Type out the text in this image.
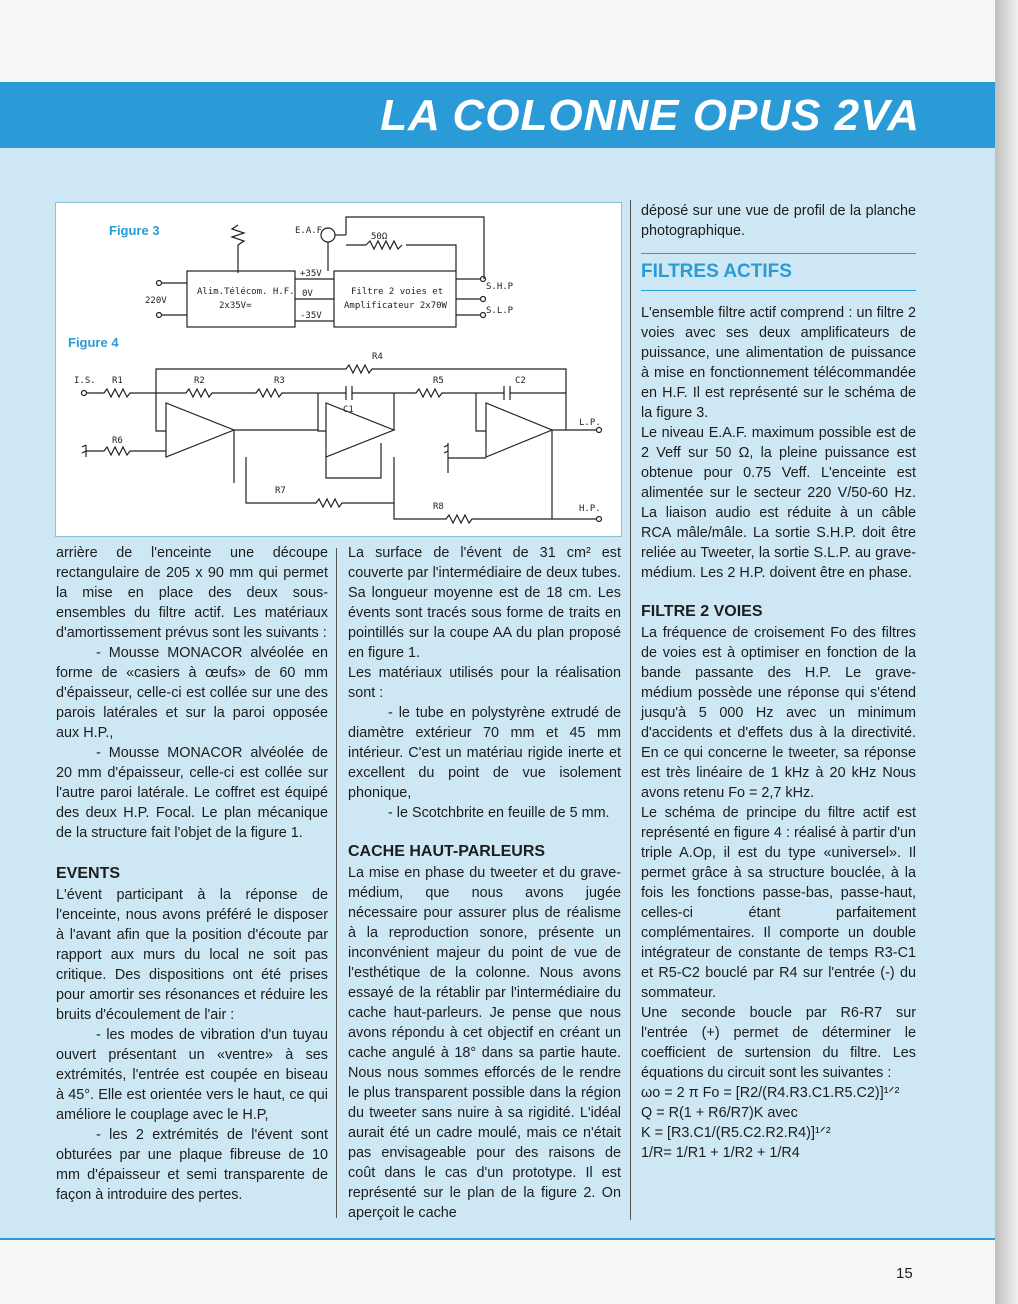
LA COLONNE OPUS 2VA
Figure 3
Figure 4
E.A.F
50Ω
220V
Alim.Télécom. H.F.
2x35V=
+35V
0V
-35V
Filtre 2 voies et
Amplificateur 2x70W
S.H.P
S.L.P
I.S. R1	R2	R3
R4
R5
R6
R7
R8
C1
C2
L.P.
H.P.

arrière de l'enceinte une découpe rectangulaire de 205 x 90 mm qui permet la mise en place des deux sous-ensembles du filtre actif. Les matériaux d'amortissement prévus sont les suivants :

- Mousse MONACOR alvéolée en forme de «casiers à œufs» de 60 mm d'épaisseur, celle-ci est collée sur une des parois latérales et sur la paroi opposée aux H.P.,

- Mousse MONACOR alvéolée de 20 mm d'épaisseur, celle-ci est collée sur l'autre paroi latérale. Le coffret est équipé des deux H.P. Focal. Le plan mécanique de la structure fait l'objet de la figure 1.

EVENTS

L'évent participant à la réponse de l'enceinte, nous avons préféré le disposer à l'avant afin que la position d'écoute par rapport aux murs du local ne soit pas critique. Des dispositions ont été prises pour amortir ses résonances et réduire les bruits d'écoulement de l'air :

- les modes de vibration d'un tuyau ouvert présentant un «ventre» à ses extrémités, l'entrée est coupée en biseau à 45°. Elle est orientée vers le haut, ce qui améliore le couplage avec le H.P,

- les 2 extrémités de l'évent sont obturées par une plaque fibreuse de 10 mm d'épaisseur et semi transparente de façon à introduire des pertes.

La surface de l'évent de 31 cm² est couverte par l'intermédiaire de deux tubes. Sa longueur moyenne est de 18 cm. Les évents sont tracés sous forme de traits en pointillés sur la coupe AA du plan proposé en figure 1.

Les matériaux utilisés pour la réalisation sont :

- le tube en polystyrène extrudé de diamètre extérieur 70 mm et 45 mm intérieur. C'est un matériau rigide inerte et excellent du point de vue isolement phonique,

- le Scotchbrite en feuille de 5 mm.

CACHE HAUT-PARLEURS

La mise en phase du tweeter et du grave-médium, que nous avons jugée nécessaire pour assurer plus de réalisme à la reproduction sonore, présente un inconvénient majeur du point de vue de l'esthétique de la colonne. Nous avons essayé de la rétablir par l'intermédiaire du cache haut-parleurs. Je pense que nous avons répondu à cet objectif en créant un cache angulé à 18° dans sa partie haute. Nous nous sommes efforcés de le rendre le plus transparent possible dans la région du tweeter sans nuire à sa rigidité. L'idéal aurait été un cadre moulé, mais ce n'était pas envisageable pour des raisons de coût dans le cas d'un prototype. Il est représenté sur le plan de la figure 2. On aperçoit le cache

déposé sur une vue de profil de la planche photographique.

FILTRES ACTIFS

L'ensemble filtre actif comprend : un filtre 2 voies avec ses deux amplificateurs de puissance, une alimentation de puissance à mise en fonctionnement télécommandée en H.F. Il est représenté sur le schéma de la figure 3.

Le niveau E.A.F. maximum possible est de 2 Veff sur 50 Ω, la pleine puissance est obtenue pour 0.75 Veff. L'enceinte est alimentée sur le secteur 220 V/50-60 Hz. La liaison audio est réduite à un câble RCA mâle/mâle. La sortie S.H.P. doit être reliée au Tweeter, la sortie S.L.P. au grave-médium. Les 2 H.P. doivent être en phase.

FILTRE 2 VOIES

La fréquence de croisement Fo des filtres de voies est à optimiser en fonction de la bande passante des H.P. Le grave-médium possède une réponse qui s'étend jusqu'à 5 000 Hz avec un minimum d'accidents et d'effets dus à la directivité. En ce qui concerne le tweeter, sa réponse est très linéaire de 1 kHz à 20 kHz Nous avons retenu Fo = 2,7 kHz.

Le schéma de principe du filtre actif est représenté en figure 4 : réalisé à partir d'un triple A.Op, il est du type «universel». Il permet grâce à sa structure bouclée, à la fois les fonctions passe-bas, passe-haut, celles-ci étant parfaitement complémentaires. Il comporte un double intégrateur de constante de temps R3-C1 et R5-C2 bouclé par R4 sur l'entrée (-) du sommateur.

Une seconde boucle par R6-R7 sur l'entrée (+) permet de déterminer le coefficient de surtension du filtre. Les équations du circuit sont les suivantes :

ωo = 2 π Fo = [R2/(R4.R3.C1.R5.C2)]¹ᐟ²

Q = R(1 + R6/R7)K avec

K = [R3.C1/(R5.C2.R2.R4)]¹ᐟ²

1/R= 1/R1 + 1/R2 + 1/R4

15
